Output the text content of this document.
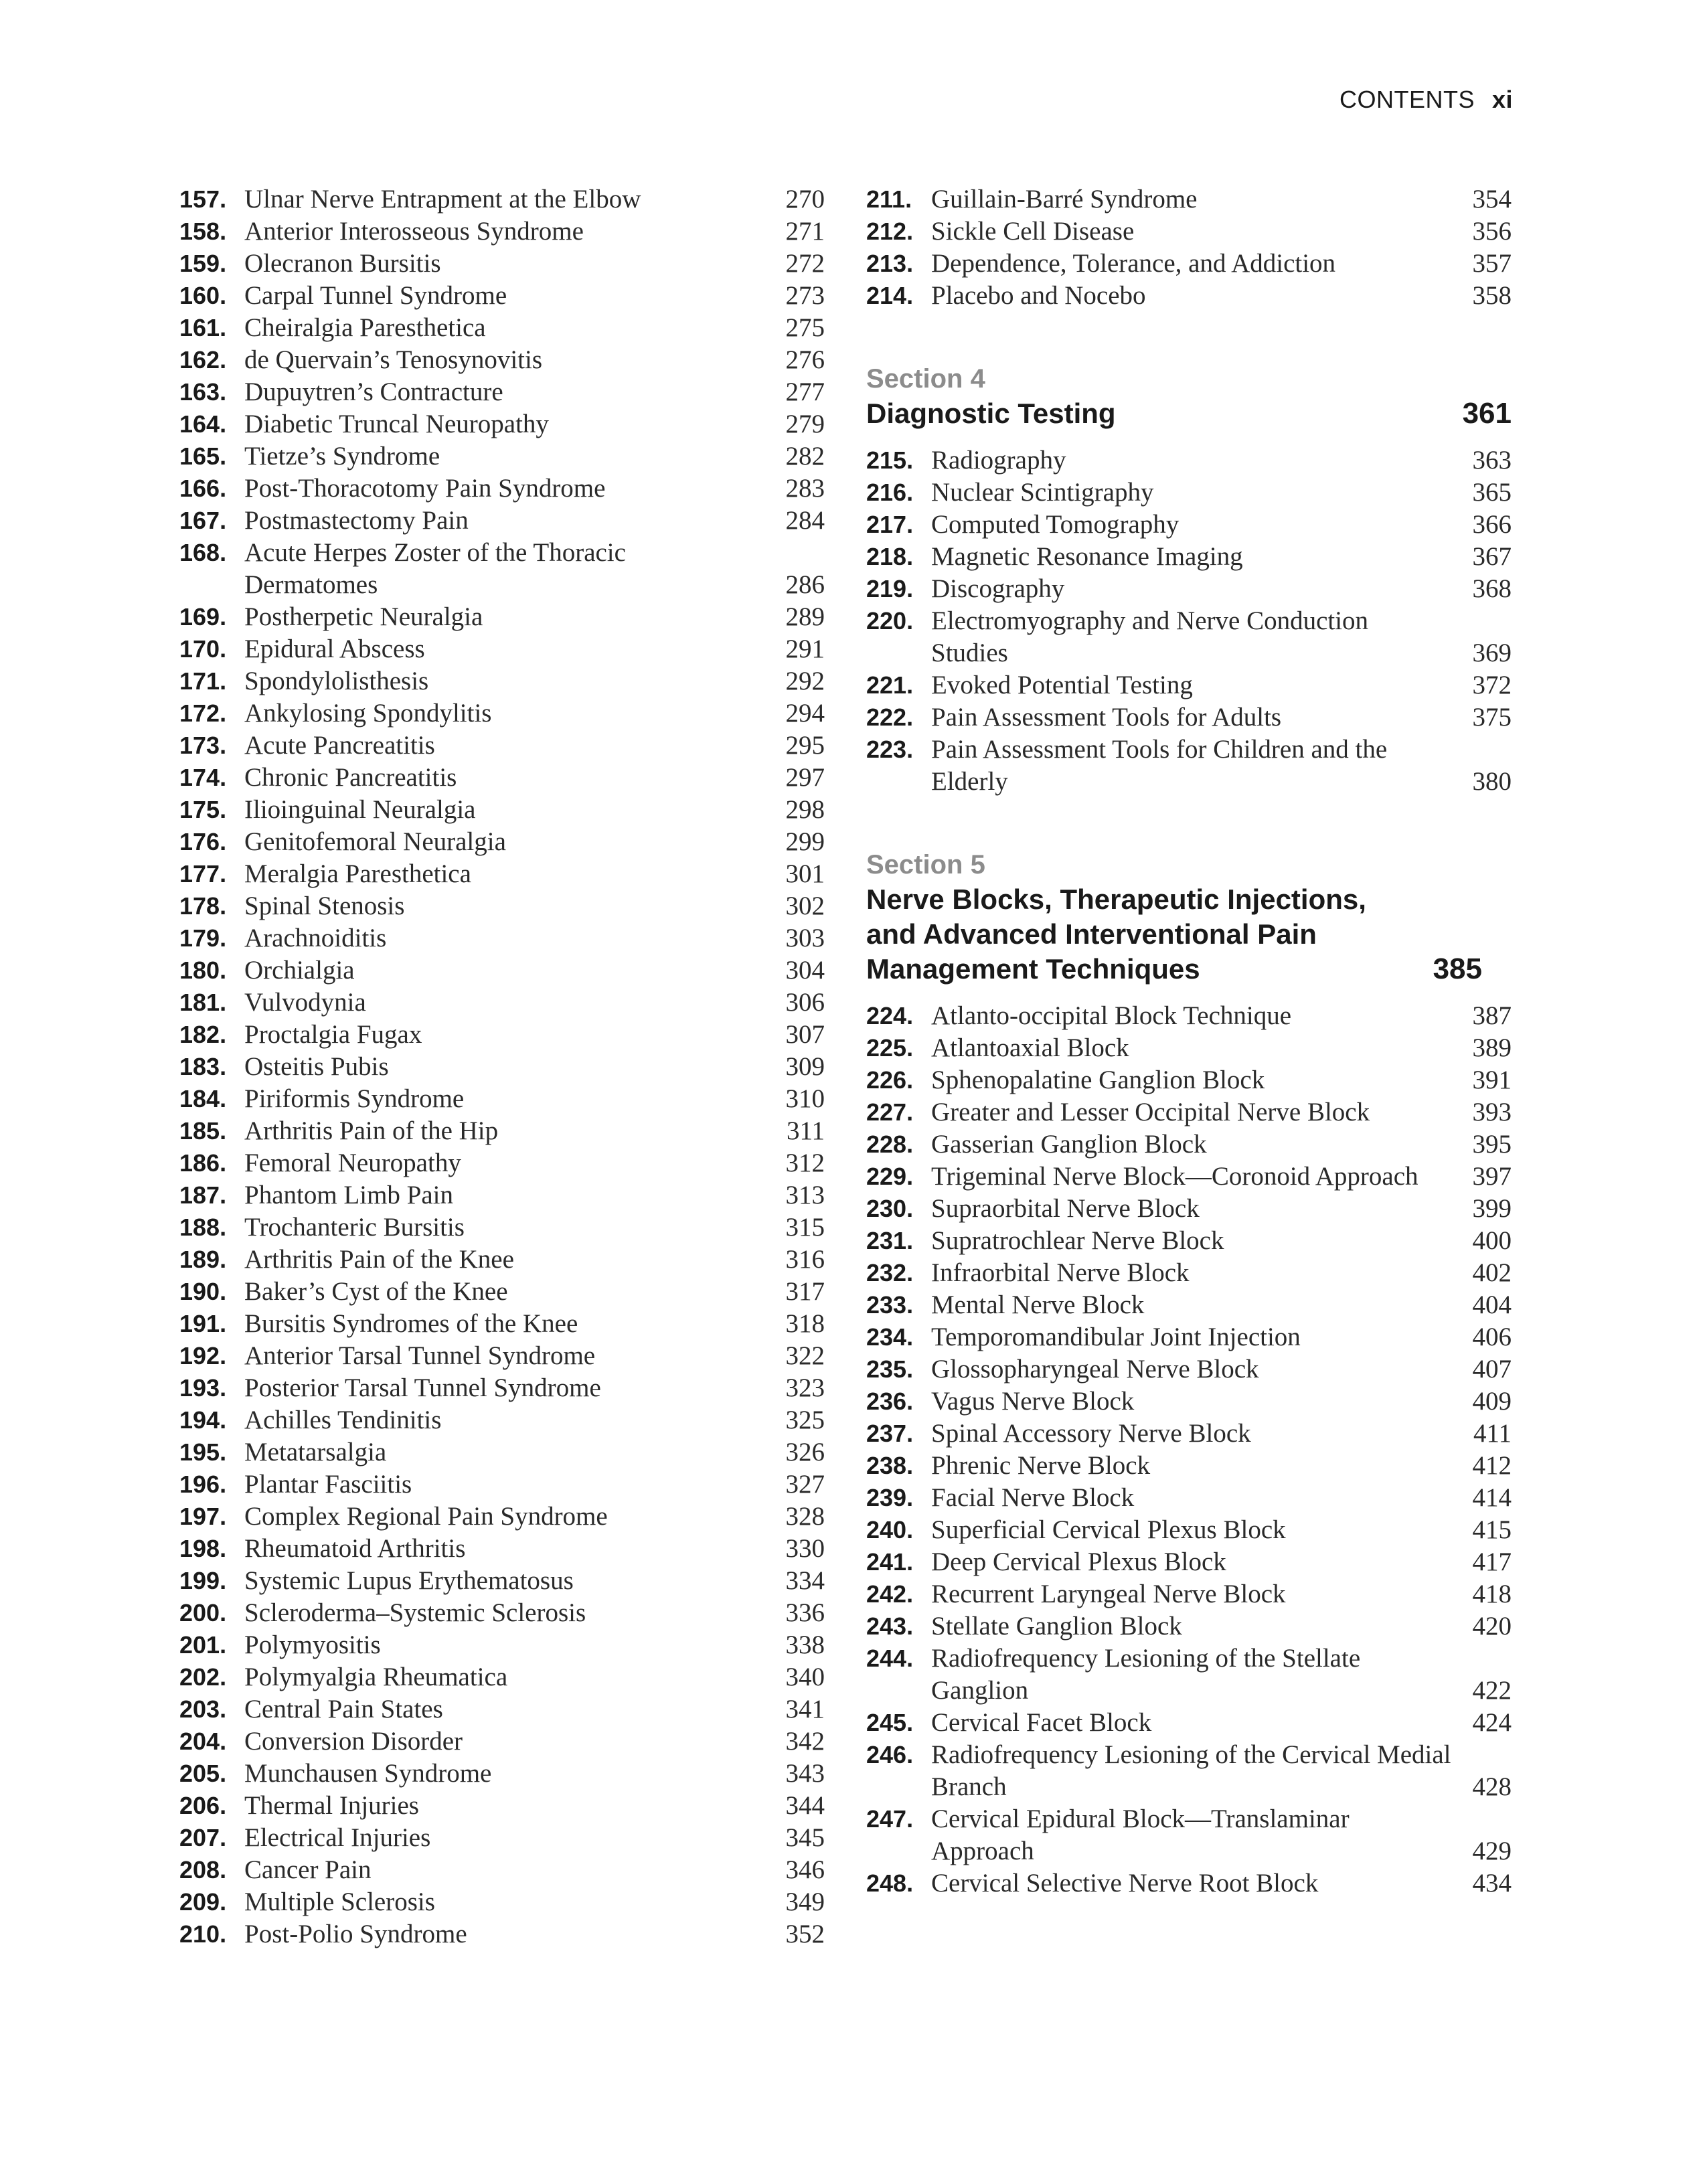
CONTENTS xi
157. Ulnar Nerve Entrapment at the Elbow	270
158. Anterior Interosseous Syndrome	271
159. Olecranon Bursitis	272
160. Carpal Tunnel Syndrome	273
161. Cheiralgia Paresthetica	275
162. de Quervain’s Tenosynovitis	276
163. Dupuytren’s Contracture	277
164. Diabetic Truncal Neuropathy	279
165. Tietze’s Syndrome	282
166. Post-Thoracotomy Pain Syndrome	283
167. Postmastectomy Pain	284
168. Acute Herpes Zoster of the Thoracic Dermatomes	286
169. Postherpetic Neuralgia	289
170. Epidural Abscess	291
171. Spondylolisthesis	292
172. Ankylosing Spondylitis	294
173. Acute Pancreatitis	295
174. Chronic Pancreatitis	297
175. Ilioinguinal Neuralgia	298
176. Genitofemoral Neuralgia	299
177. Meralgia Paresthetica	301
178. Spinal Stenosis	302
179. Arachnoiditis	303
180. Orchialgia	304
181. Vulvodynia	306
182. Proctalgia Fugax	307
183. Osteitis Pubis	309
184. Piriformis Syndrome	310
185. Arthritis Pain of the Hip	311
186. Femoral Neuropathy	312
187. Phantom Limb Pain	313
188. Trochanteric Bursitis	315
189. Arthritis Pain of the Knee	316
190. Baker’s Cyst of the Knee	317
191. Bursitis Syndromes of the Knee	318
192. Anterior Tarsal Tunnel Syndrome	322
193. Posterior Tarsal Tunnel Syndrome	323
194. Achilles Tendinitis	325
195. Metatarsalgia	326
196. Plantar Fasciitis	327
197. Complex Regional Pain Syndrome	328
198. Rheumatoid Arthritis	330
199. Systemic Lupus Erythematosus	334
200. Scleroderma–Systemic Sclerosis	336
201. Polymyositis	338
202. Polymyalgia Rheumatica	340
203. Central Pain States	341
204. Conversion Disorder	342
205. Munchausen Syndrome	343
206. Thermal Injuries	344
207. Electrical Injuries	345
208. Cancer Pain	346
209. Multiple Sclerosis	349
210. Post-Polio Syndrome	352
211. Guillain-Barré Syndrome	354
212. Sickle Cell Disease	356
213. Dependence, Tolerance, and Addiction	357
214. Placebo and Nocebo	358
Section 4
Diagnostic Testing	361
215. Radiography	363
216. Nuclear Scintigraphy	365
217. Computed Tomography	366
218. Magnetic Resonance Imaging	367
219. Discography	368
220. Electromyography and Nerve Conduction Studies	369
221. Evoked Potential Testing	372
222. Pain Assessment Tools for Adults	375
223. Pain Assessment Tools for Children and the Elderly	380
Section 5
Nerve Blocks, Therapeutic Injections, and Advanced Interventional Pain Management Techniques	385
224. Atlanto-occipital Block Technique	387
225. Atlantoaxial Block	389
226. Sphenopalatine Ganglion Block	391
227. Greater and Lesser Occipital Nerve Block	393
228. Gasserian Ganglion Block	395
229. Trigeminal Nerve Block—Coronoid Approach	397
230. Supraorbital Nerve Block	399
231. Supratrochlear Nerve Block	400
232. Infraorbital Nerve Block	402
233. Mental Nerve Block	404
234. Temporomandibular Joint Injection	406
235. Glossopharyngeal Nerve Block	407
236. Vagus Nerve Block	409
237. Spinal Accessory Nerve Block	411
238. Phrenic Nerve Block	412
239. Facial Nerve Block	414
240. Superficial Cervical Plexus Block	415
241. Deep Cervical Plexus Block	417
242. Recurrent Laryngeal Nerve Block	418
243. Stellate Ganglion Block	420
244. Radiofrequency Lesioning of the Stellate Ganglion	422
245. Cervical Facet Block	424
246. Radiofrequency Lesioning of the Cervical Medial Branch	428
247. Cervical Epidural Block—Translaminar Approach	429
248. Cervical Selective Nerve Root Block	434
